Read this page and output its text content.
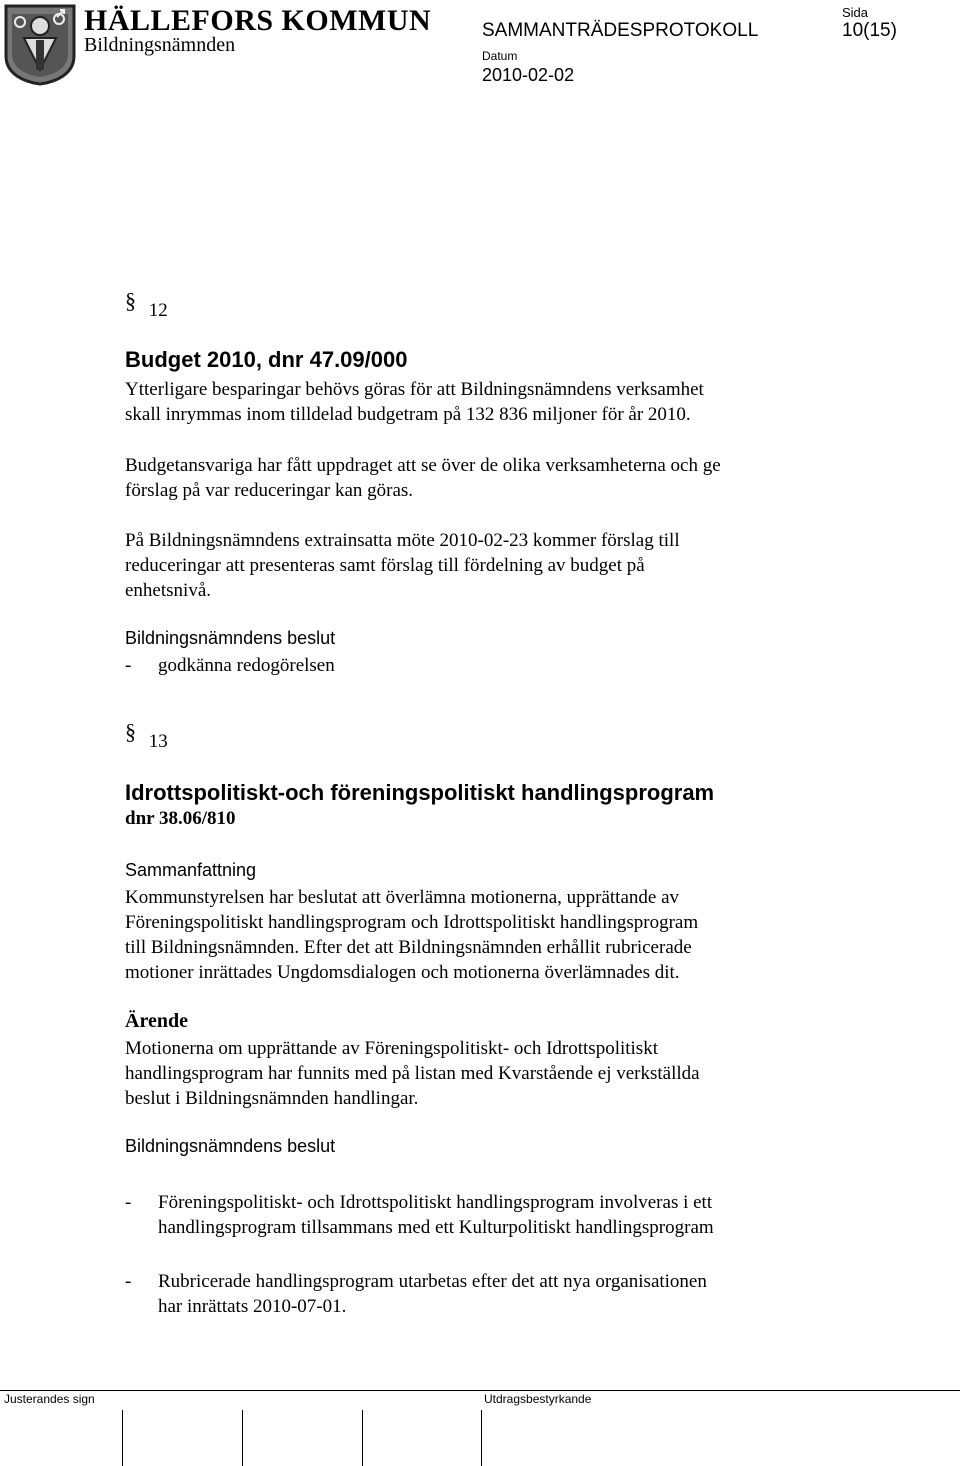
HÄLLEFORS KOMMUN
Bildningsnämnden
SAMMANTRÄDESPROTOKOLL
Datum
2010-02-02
Sida
10(15)
§ 12
Budget 2010, dnr 47.09/000
Ytterligare besparingar behövs göras för att Bildningsnämndens verksamhet
skall inrymmas inom tilldelad budgetram på 132 836 miljoner för år 2010.
Budgetansvariga har fått uppdraget att se över de olika verksamheterna och ge
förslag på var reduceringar kan göras.
På Bildningsnämndens extrainsatta möte 2010-02-23 kommer förslag till
reduceringar att presenteras samt förslag till fördelning av budget på
enhetsnivå.
Bildningsnämndens beslut
- godkänna redogörelsen
§ 13
Idrottspolitiskt-och föreningspolitiskt handlingsprogram
dnr 38.06/810
Sammanfattning
Kommunstyrelsen har beslutat att överlämna motionerna, upprättande av
Föreningspolitiskt handlingsprogram och Idrottspolitiskt handlingsprogram
till Bildningsnämnden. Efter det att Bildningsnämnden erhållit rubricerade
motioner inrättades Ungdomsdialogen och motionerna överlämnades dit.
Ärende
Motionerna om upprättande av Föreningspolitiskt- och Idrottspolitiskt
handlingsprogram har funnits med på listan med Kvarstående ej verkställda
beslut i Bildningsnämnden handlingar.
Bildningsnämndens beslut
- Föreningspolitiskt- och Idrottspolitiskt handlingsprogram involveras i ett
handlingsprogram tillsammans med ett Kulturpolitiskt handlingsprogram
- Rubricerade handlingsprogram utarbetas efter det att nya organisationen
har inrättats 2010-07-01.
Justerandes sign	Utdragsbestyrkande
